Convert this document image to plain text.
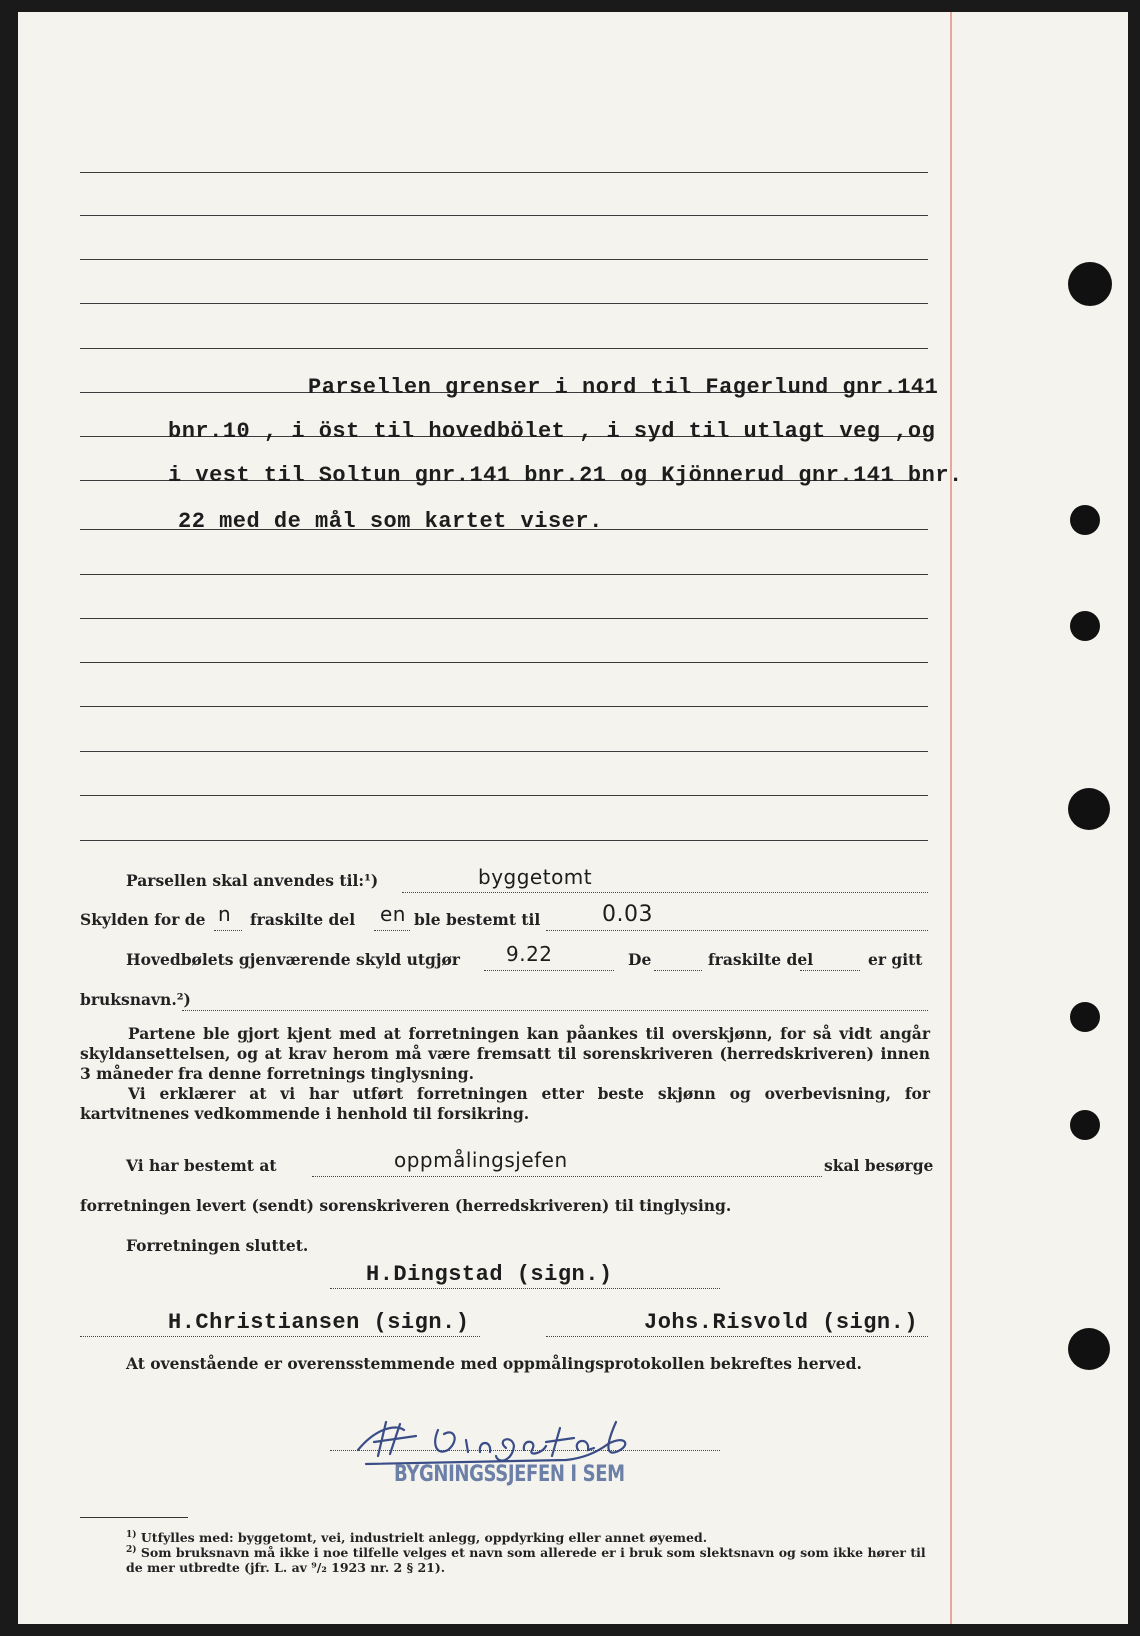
Parsellen grenser i nord til Fagerlund gnr.141
bnr.10 , i öst til hovedbölet , i syd til utlagt veg ,og
i vest til Soltun gnr.141 bnr.21 og Kjönnerud gnr.141 bnr.
22 med de mål som kartet viser.
Parsellen skal anvendes til:¹)	byggetomt
Skylden for de n fraskilte del en ble bestemt til	0.03
Hovedbølets gjenværende skyld utgjør 9.22	De	fraskilte del	er gitt
bruksnavn.²)
Partene ble gjort kjent med at forretningen kan påankes til overskjønn, for så vidt angår skyldansettelsen, og at krav herom må være fremsatt til sorenskriveren (herredskriveren) innen 3 måneder fra denne forretnings tinglysning.
Vi erklærer at vi har utført forretningen etter beste skjønn og overbevisning, for kartvitnenes vedkommende i henhold til forsikring.
Vi har bestemt at	oppmålingsjefen	skal besørge
forretningen levert (sendt) sorenskriveren (herredskriveren) til tinglysing.
Forretningen sluttet.
H.Dingstad (sign.)
H.Christiansen (sign.)	Johs.Risvold (sign.)
At ovenstående er overensstemmende med oppmålingsprotokollen bekreftes herved.
BYGNINGSSJEFEN I SEM
$^{1)}$ Utfylles med: byggetomt, vei, industrielt anlegg, oppdyrking eller annet øyemed.
$^{2)}$ Som bruksnavn må ikke i noe tilfelle velges et navn som allerede er i bruk som slektsnavn og som ikke hører til de mer utbredte (jfr. L. av ⁹/₂ 1923 nr. 2 § 21).
